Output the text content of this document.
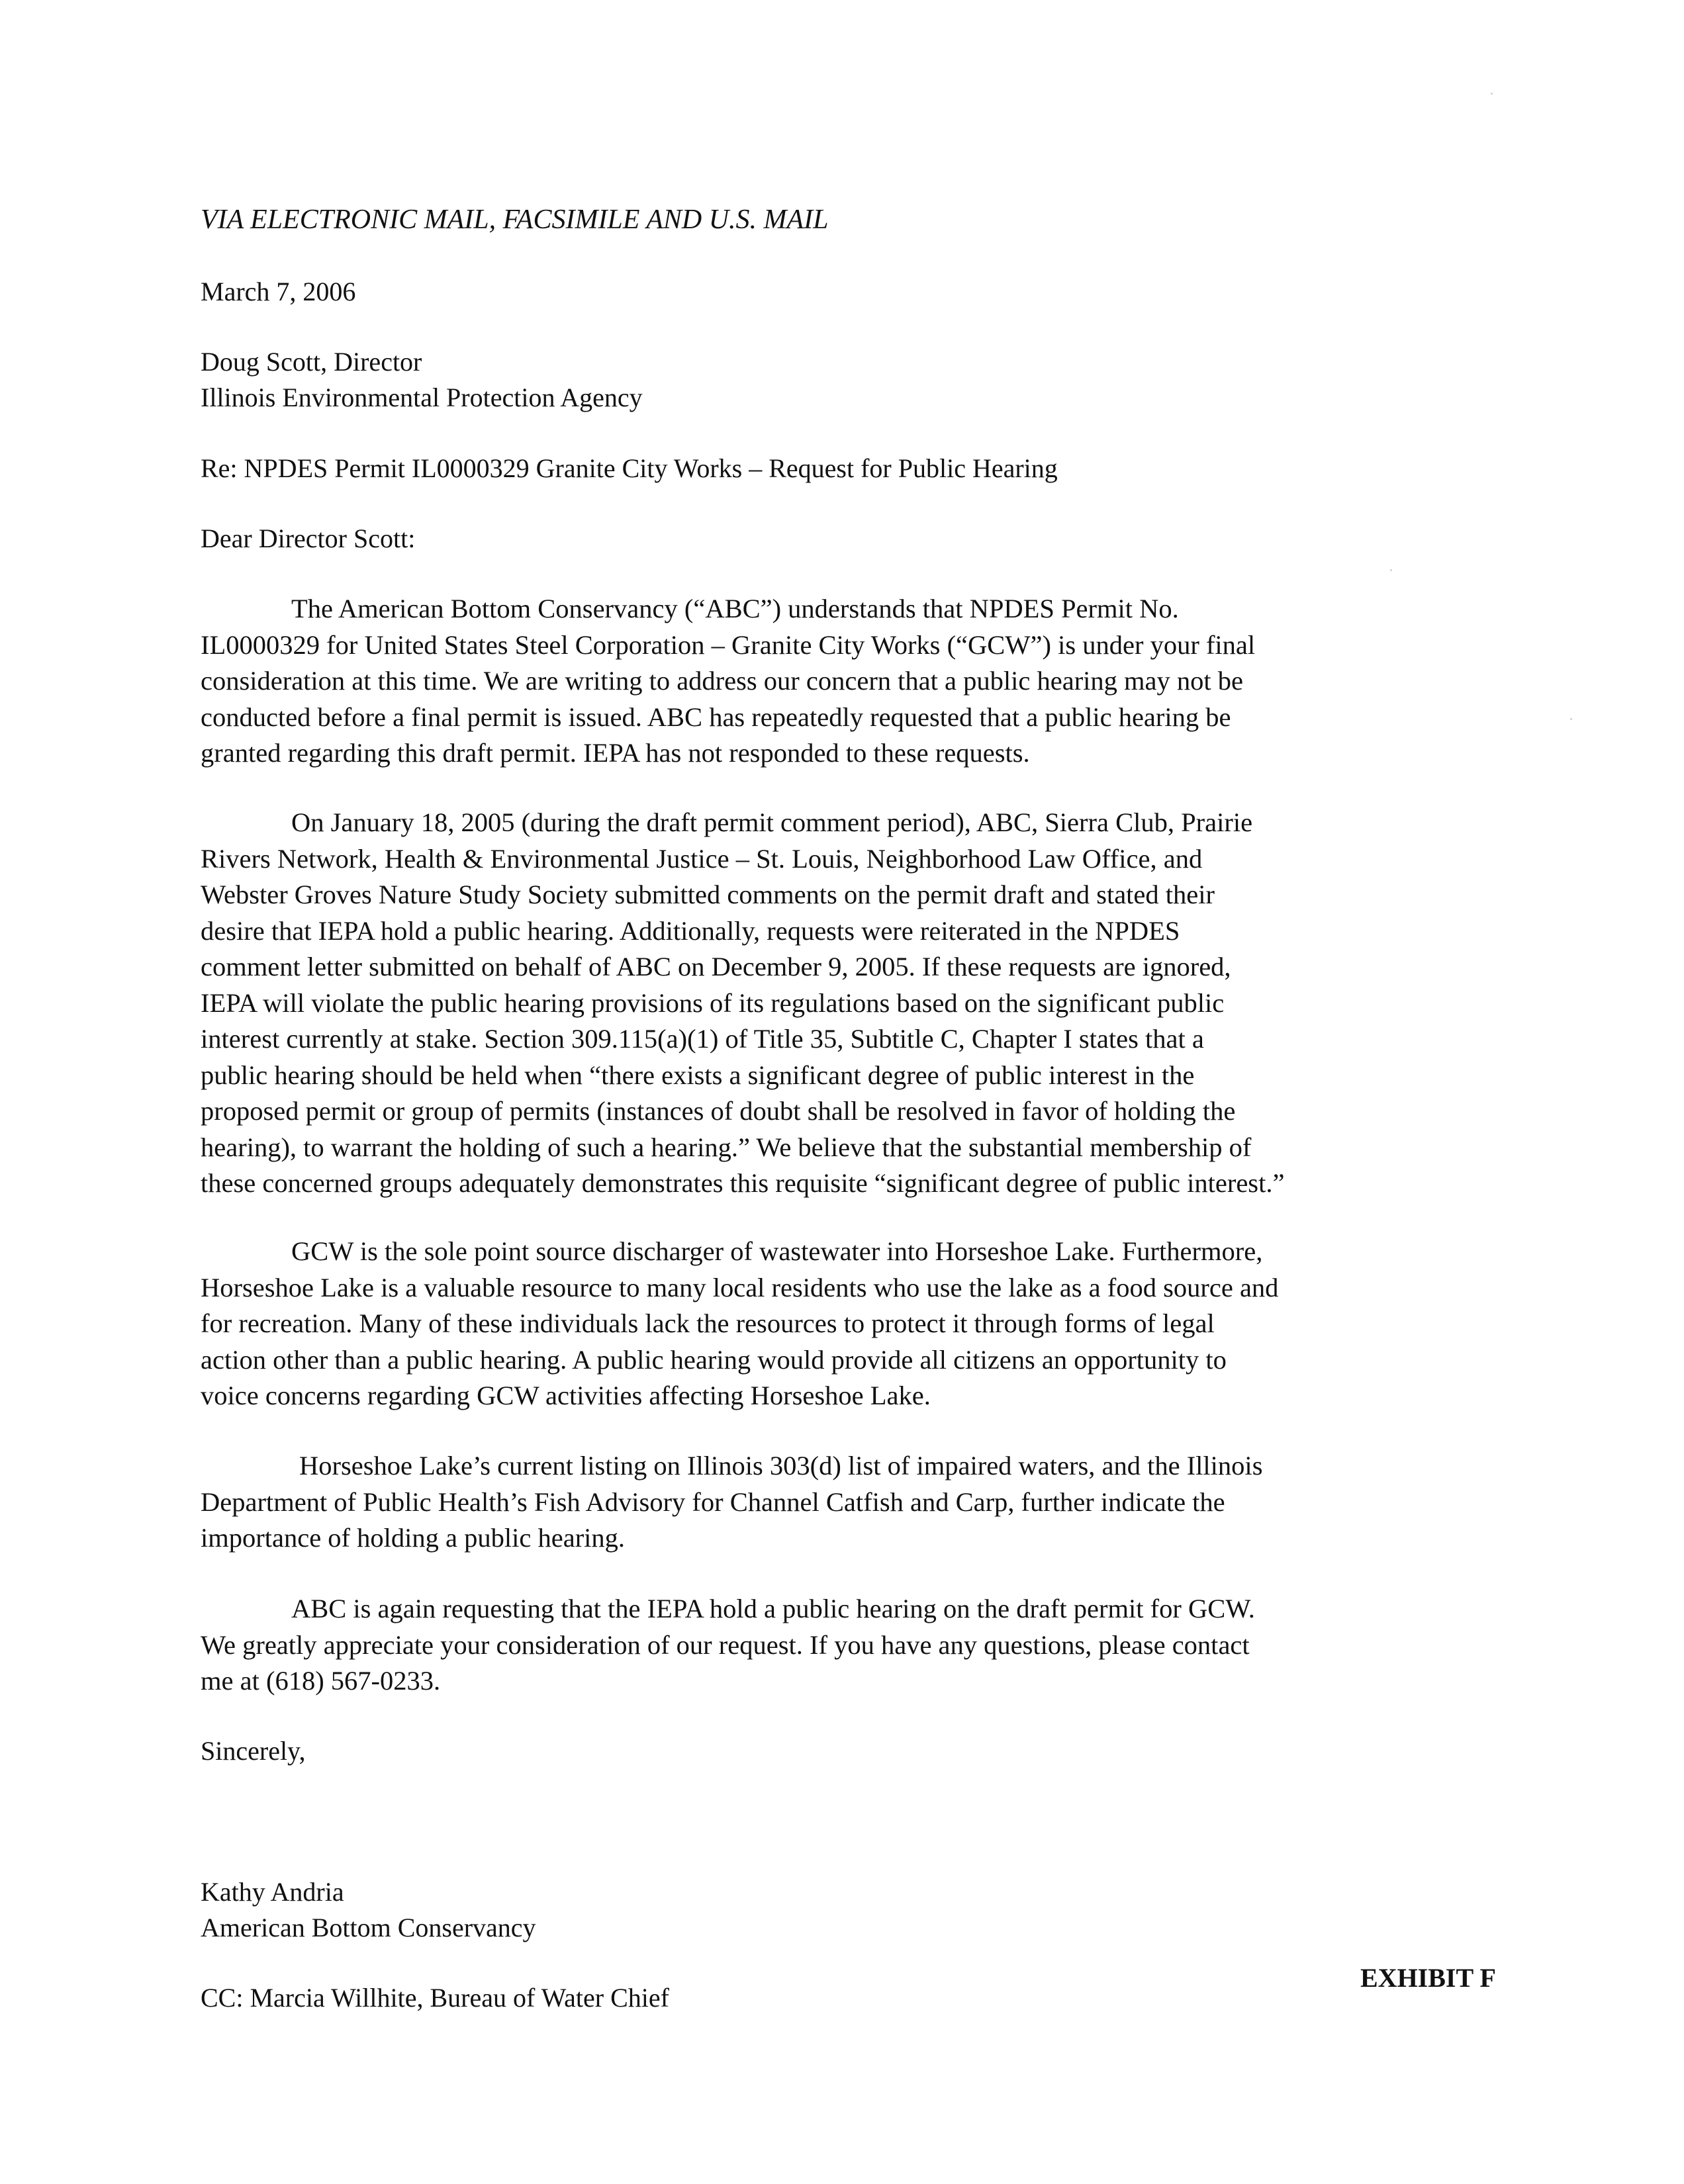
VIA ELECTRONIC MAIL, FACSIMILE AND U.S. MAIL
March 7, 2006
Doug Scott, Director
Illinois Environmental Protection Agency
Re: NPDES Permit IL0000329 Granite City Works – Request for Public Hearing
Dear Director Scott:
The American Bottom Conservancy (“ABC”) understands that NPDES Permit No.
IL0000329 for United States Steel Corporation – Granite City Works (“GCW”) is under your final
consideration at this time. We are writing to address our concern that a public hearing may not be
conducted before a final permit is issued. ABC has repeatedly requested that a public hearing be
granted regarding this draft permit. IEPA has not responded to these requests.
On January 18, 2005 (during the draft permit comment period), ABC, Sierra Club, Prairie
Rivers Network, Health & Environmental Justice – St. Louis, Neighborhood Law Office, and
Webster Groves Nature Study Society submitted comments on the permit draft and stated their
desire that IEPA hold a public hearing. Additionally, requests were reiterated in the NPDES
comment letter submitted on behalf of ABC on December 9, 2005. If these requests are ignored,
IEPA will violate the public hearing provisions of its regulations based on the significant public
interest currently at stake. Section 309.115(a)(1) of Title 35, Subtitle C, Chapter I states that a
public hearing should be held when “there exists a significant degree of public interest in the
proposed permit or group of permits (instances of doubt shall be resolved in favor of holding the
hearing), to warrant the holding of such a hearing.” We believe that the substantial membership of
these concerned groups adequately demonstrates this requisite “significant degree of public interest.”
GCW is the sole point source discharger of wastewater into Horseshoe Lake. Furthermore,
Horseshoe Lake is a valuable resource to many local residents who use the lake as a food source and
for recreation. Many of these individuals lack the resources to protect it through forms of legal
action other than a public hearing. A public hearing would provide all citizens an opportunity to
voice concerns regarding GCW activities affecting Horseshoe Lake.
Horseshoe Lake’s current listing on Illinois 303(d) list of impaired waters, and the Illinois
Department of Public Health’s Fish Advisory for Channel Catfish and Carp, further indicate the
importance of holding a public hearing.
ABC is again requesting that the IEPA hold a public hearing on the draft permit for GCW.
We greatly appreciate your consideration of our request. If you have any questions, please contact
me at (618) 567-0233.
Sincerely,
Kathy Andria
American Bottom Conservancy
EXHIBIT F
CC: Marcia Willhite, Bureau of Water Chief
